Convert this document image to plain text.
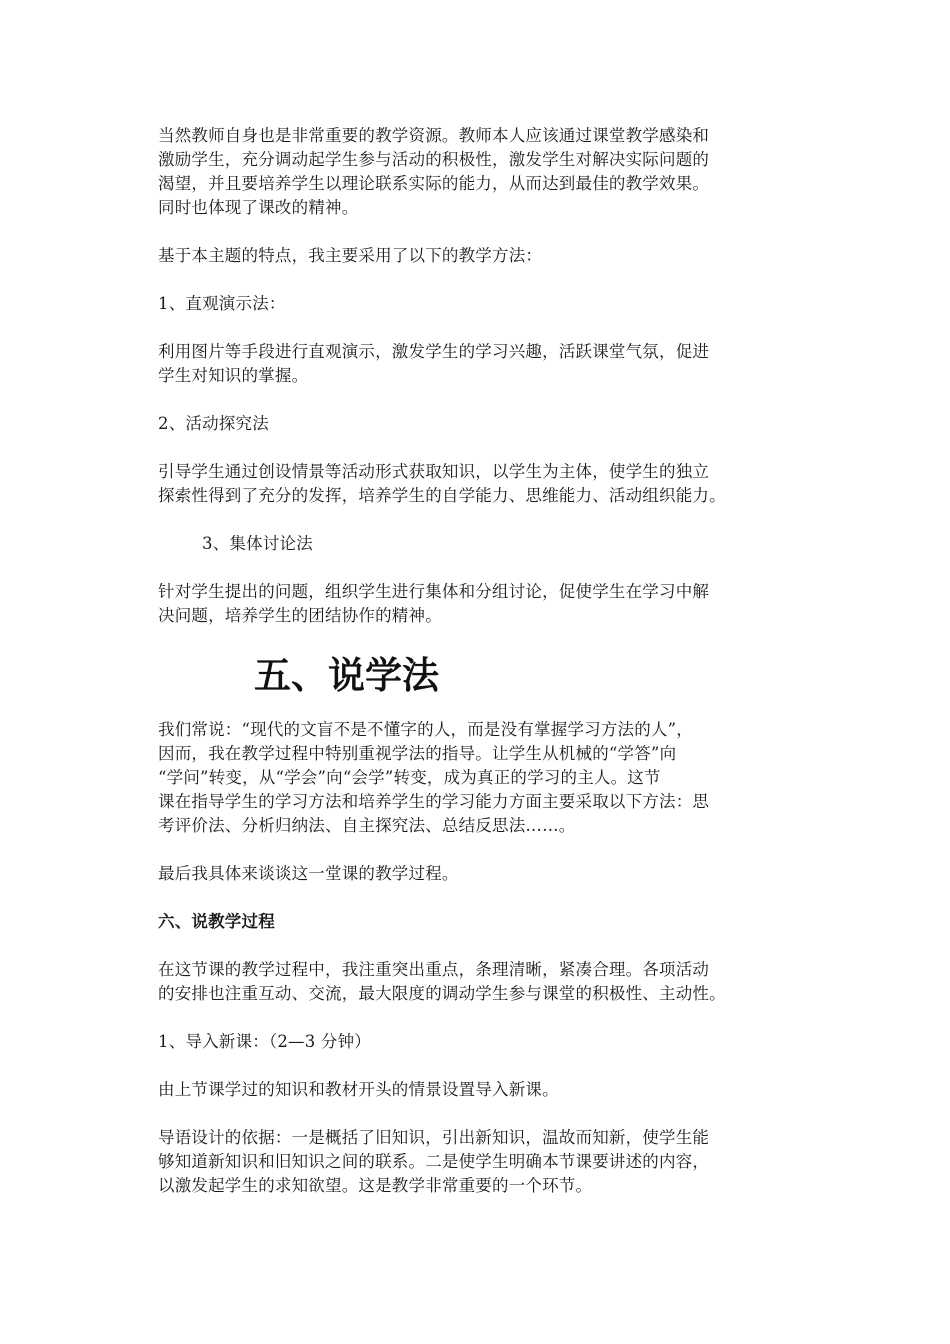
当然教师自身也是非常重要的教学资源。教师本人应该通过课堂教学感染和
激励学生，充分调动起学生参与活动的积极性，激发学生对解决实际问题的
渴望，并且要培养学生以理论联系实际的能力，从而达到最佳的教学效果。
同时也体现了课改的精神。

基于本主题的特点，我主要采用了以下的教学方法：

1、直观演示法：

利用图片等手段进行直观演示，激发学生的学习兴趣，活跃课堂气氛，促进
学生对知识的掌握。

2、活动探究法

引导学生通过创设情景等活动形式获取知识，以学生为主体，使学生的独立
探索性得到了充分的发挥，培养学生的自学能力、思维能力、活动组织能力。

3、集体讨论法

针对学生提出的问题，组织学生进行集体和分组讨论，促使学生在学习中解
决问题，培养学生的团结协作的精神。

五、说学法

我们常说：“现代的文盲不是不懂字的人，而是没有掌握学习方法的人”，
因而，我在教学过程中特别重视学法的指导。让学生从机械的“学答”向
“学问”转变，从“学会”向“会学”转变，成为真正的学习的主人。这节
课在指导学生的学习方法和培养学生的学习能力方面主要采取以下方法：思
考评价法、分析归纳法、自主探究法、总结反思法……。

最后我具体来谈谈这一堂课的教学过程。

六、说教学过程

在这节课的教学过程中，我注重突出重点，条理清晰，紧凑合理。各项活动
的安排也注重互动、交流，最大限度的调动学生参与课堂的积极性、主动性。

1、导入新课：（2—3 分钟）

由上节课学过的知识和教材开头的情景设置导入新课。

导语设计的依据：一是概括了旧知识，引出新知识，温故而知新，使学生能
够知道新知识和旧知识之间的联系。二是使学生明确本节课要讲述的内容，
以激发起学生的求知欲望。这是教学非常重要的一个环节。
